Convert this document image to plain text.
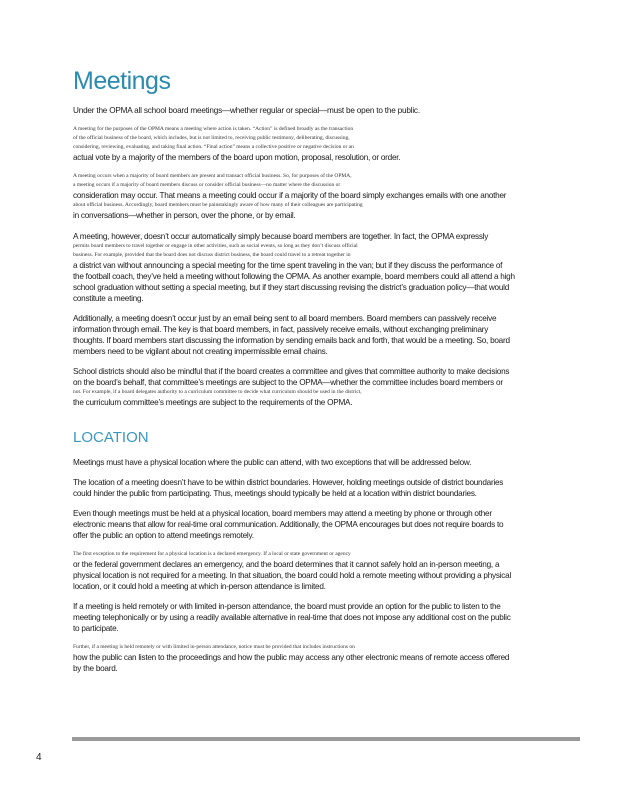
Meetings

Under the OPMA all school board meetings—whether regular or special—must be open to the public.

A meeting for the purposes of the OPMA means a meeting where action is taken. “Action” is defined broadly as the transaction

of the official business of the board, which includes, but is not limited to, receiving public testimony, deliberating, discussing,

considering, reviewing, evaluating, and taking final action. “Final action” means a collective positive or negative decision or an

actual vote by a majority of the members of the board upon motion, proposal, resolution, or order.

A meeting occurs when a majority of board members are present and transact official business. So, for purposes of the OPMA,

a meeting occurs if a majority of board members discuss or consider official business—no matter where the discussion or

consideration may occur. That means a meeting could occur if a majority of the board simply exchanges emails with one another

about official business. Accordingly, board members must be painstakingly aware of how many of their colleagues are participating

in conversations—whether in person, over the phone, or by email.

A meeting, however, doesn’t occur automatically simply because board members are together. In fact, the OPMA expressly

permits board members to travel together or engage in other activities, such as social events, so long as they don’t discuss official

business. For example, provided that the board does not discuss district business, the board could travel to a retreat together in

a district van without announcing a special meeting for the time spent traveling in the van; but if they discuss the performance of

the football coach, they’ve held a meeting without following the OPMA. As another example, board members could all attend a high

school graduation without setting a special meeting, but if they start discussing revising the district’s graduation policy—that would

constitute a meeting.

Additionally, a meeting doesn’t occur just by an email being sent to all board members. Board members can passively receive

information through email. The key is that board members, in fact, passively receive emails, without exchanging preliminary

thoughts. If board members start discussing the information by sending emails back and forth, that would be a meeting. So, board

members need to be vigilant about not creating impermissible email chains.

School districts should also be mindful that if the board creates a committee and gives that committee authority to make decisions

on the board’s behalf, that committee’s meetings are subject to the OPMA—whether the committee includes board members or

not. For example, if a board delegates authority to a curriculum committee to decide what curriculum should be used in the district,

the curriculum committee’s meetings are subject to the requirements of the OPMA.

LOCATION

Meetings must have a physical location where the public can attend, with two exceptions that will be addressed below.

The location of a meeting doesn’t have to be within district boundaries. However, holding meetings outside of district boundaries

could hinder the public from participating. Thus, meetings should typically be held at a location within district boundaries.

Even though meetings must be held at a physical location, board members may attend a meeting by phone or through other

electronic means that allow for real-time oral communication. Additionally, the OPMA encourages but does not require boards to

offer the public an option to attend meetings remotely.

The first exception to the requirement for a physical location is a declared emergency. If a local or state government or agency

or the federal government declares an emergency, and the board determines that it cannot safely hold an in-person meeting, a

physical location is not required for a meeting. In that situation, the board could hold a remote meeting without providing a physical

location, or it could hold a meeting at which in-person attendance is limited.

If a meeting is held remotely or with limited in-person attendance, the board must provide an option for the public to listen to the

meeting telephonically or by using a readily available alternative in real-time that does not impose any additional cost on the public

to participate.

Further, if a meeting is held remotely or with limited in-person attendance, notice must be provided that includes instructions on

how the public can listen to the proceedings and how the public may access any other electronic means of remote access offered

by the board.

4
